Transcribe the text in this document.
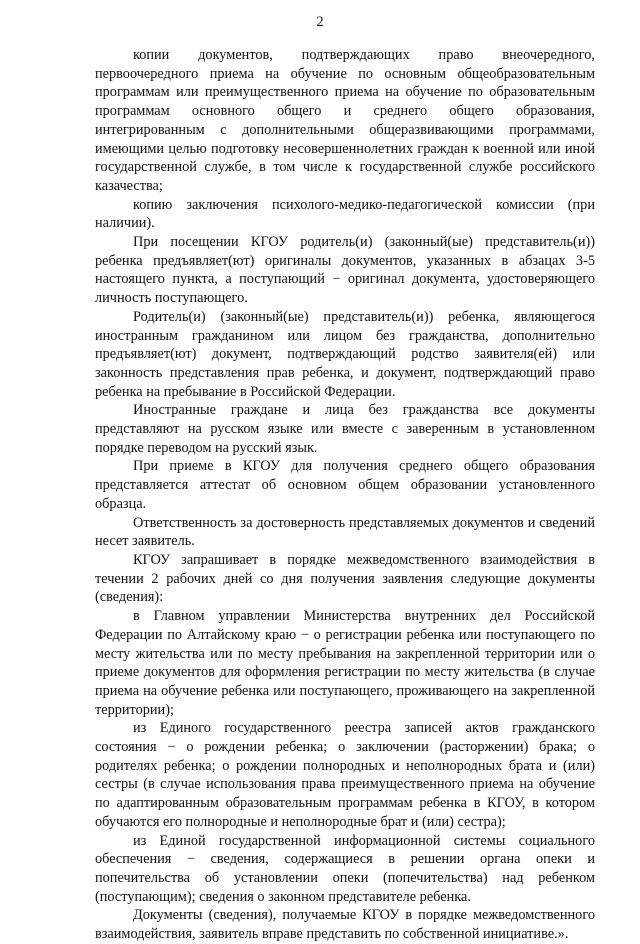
2

копии документов, подтверждающих право внеочередного, первоочередного приема на обучение по основным общеобразовательным программам или преимущественного приема на обучение по образовательным программам основного общего и среднего общего образования, интегрированным с дополнительными общеразвивающими программами, имеющими целью подготовку несовершеннолетних граждан к военной или иной государственной службе, в том числе к государственной службе российского казачества;

копию заключения психолого-медико-педагогической комиссии (при наличии).

При посещении КГОУ родитель(и) (законный(ые) представитель(и)) ребенка предъявляет(ют) оригиналы документов, указанных в абзацах 3-5 настоящего пункта, а поступающий − оригинал документа, удостоверяющего личность поступающего.

Родитель(и) (законный(ые) представитель(и)) ребенка, являющегося иностранным гражданином или лицом без гражданства, дополнительно предъявляет(ют) документ, подтверждающий родство заявителя(ей) или законность представления прав ребенка, и документ, подтверждающий право ребенка на пребывание в Российской Федерации.

Иностранные граждане и лица без гражданства все документы представляют на русском языке или вместе с заверенным в установленном порядке переводом на русский язык.

При приеме в КГОУ для получения среднего общего образования представляется аттестат об основном общем образовании установленного образца.

Ответственность за достоверность представляемых документов и сведений несет заявитель.

КГОУ запрашивает в порядке межведомственного взаимодействия в течении 2 рабочих дней со дня получения заявления следующие документы (сведения):

в Главном управлении Министерства внутренних дел Российской Федерации по Алтайскому краю − о регистрации ребенка или поступающего по месту жительства или по месту пребывания на закрепленной территории или о приеме документов для оформления регистрации по месту жительства (в случае приема на обучение ребенка или поступающего, проживающего на закрепленной территории);

из Единого государственного реестра записей актов гражданского состояния − о рождении ребенка; о заключении (расторжении) брака; о родителях ребенка; о рождении полнородных и неполнородных брата и (или) сестры (в случае использования права преимущественного приема на обучение по адаптированным образовательным программам ребенка в КГОУ, в котором обучаются его полнородные и неполнородные брат и (или) сестра);

из Единой государственной информационной системы социального обеспечения − сведения, содержащиеся в решении органа опеки и попечительства об установлении опеки (попечительства) над ребенком (поступающим); сведения о законном представителе ребенка.

Документы (сведения), получаемые КГОУ в порядке межведомственного взаимодействия, заявитель вправе представить по собственной инициативе.».
